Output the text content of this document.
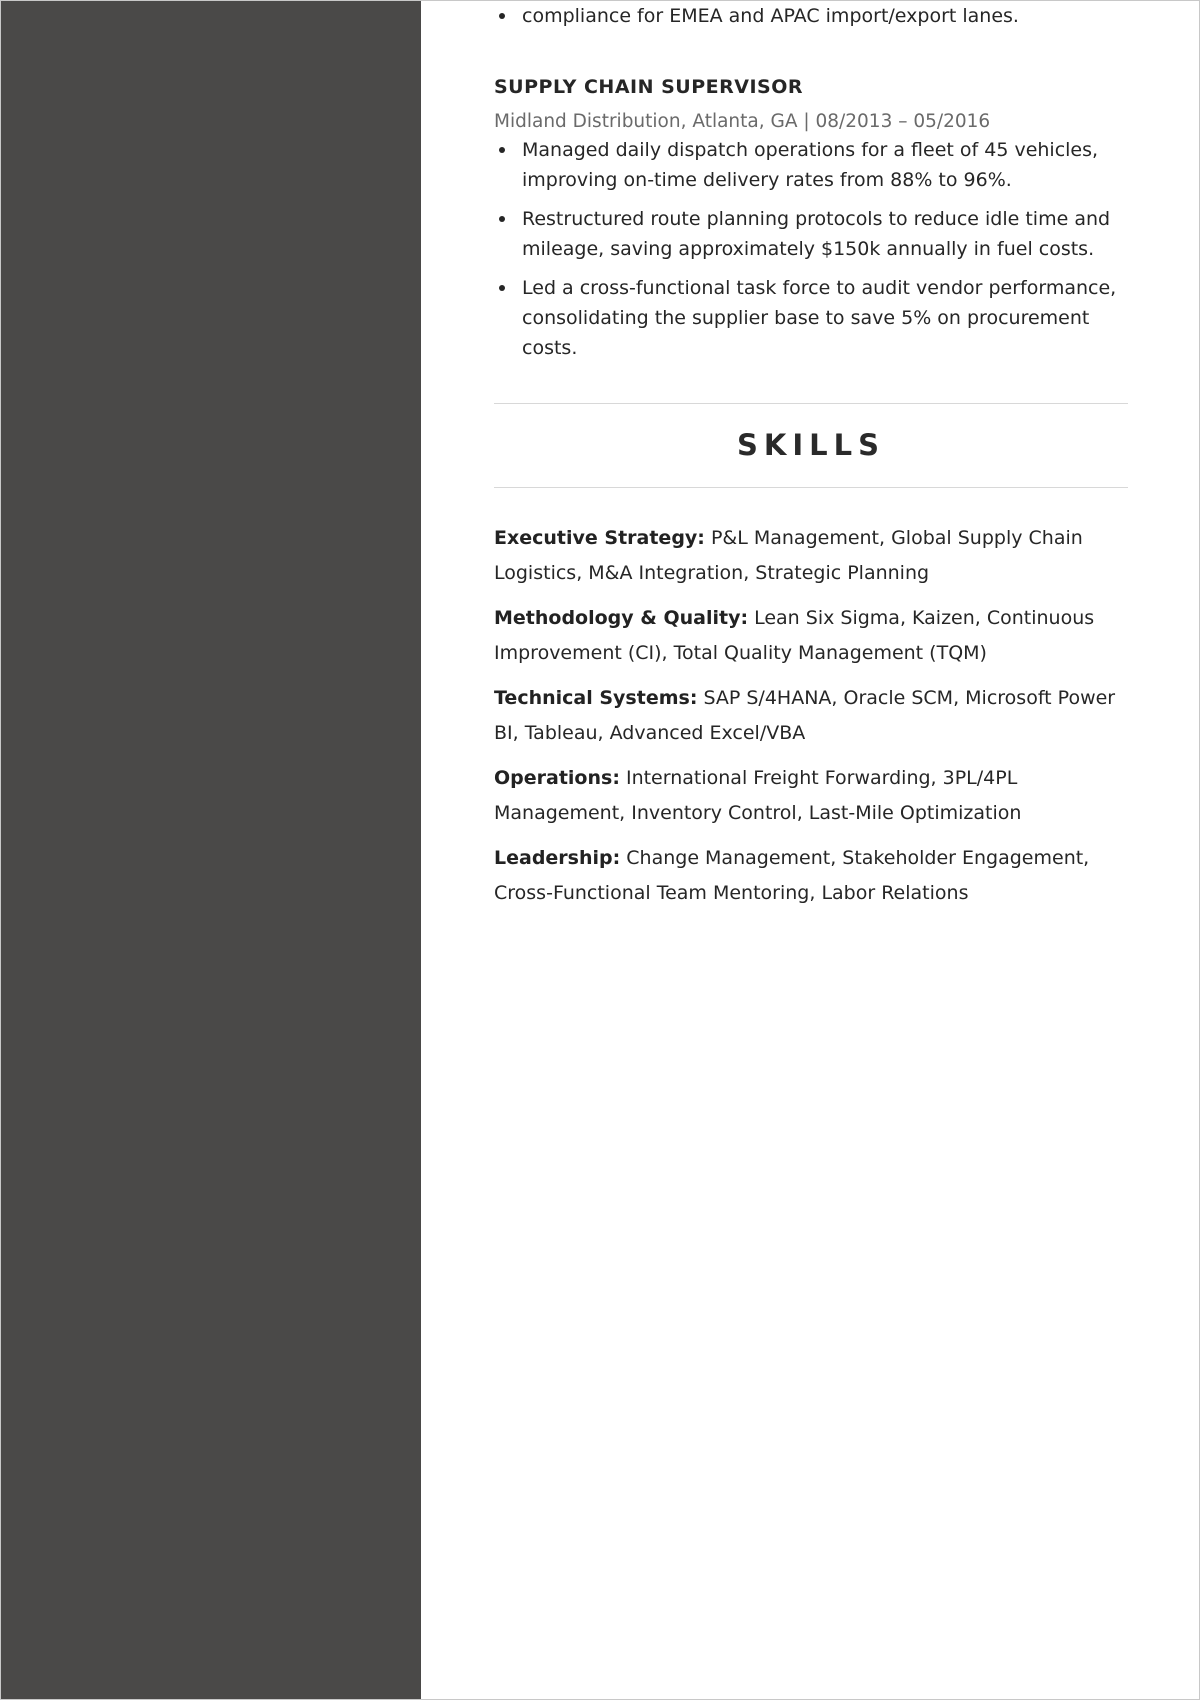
compliance for EMEA and APAC import/export lanes.
SUPPLY CHAIN SUPERVISOR
Midland Distribution, Atlanta, GA | 08/2013 – 05/2016
Managed daily dispatch operations for a fleet of 45 vehicles, improving on-time delivery rates from 88% to 96%.
Restructured route planning protocols to reduce idle time and mileage, saving approximately $150k annually in fuel costs.
Led a cross-functional task force to audit vendor performance, consolidating the supplier base to save 5% on procurement costs.
SKILLS
Executive Strategy: P&L Management, Global Supply Chain Logistics, M&A Integration, Strategic Planning
Methodology & Quality: Lean Six Sigma, Kaizen, Continuous Improvement (CI), Total Quality Management (TQM)
Technical Systems: SAP S/4HANA, Oracle SCM, Microsoft Power BI, Tableau, Advanced Excel/VBA
Operations: International Freight Forwarding, 3PL/4PL Management, Inventory Control, Last-Mile Optimization
Leadership: Change Management, Stakeholder Engagement, Cross-Functional Team Mentoring, Labor Relations
